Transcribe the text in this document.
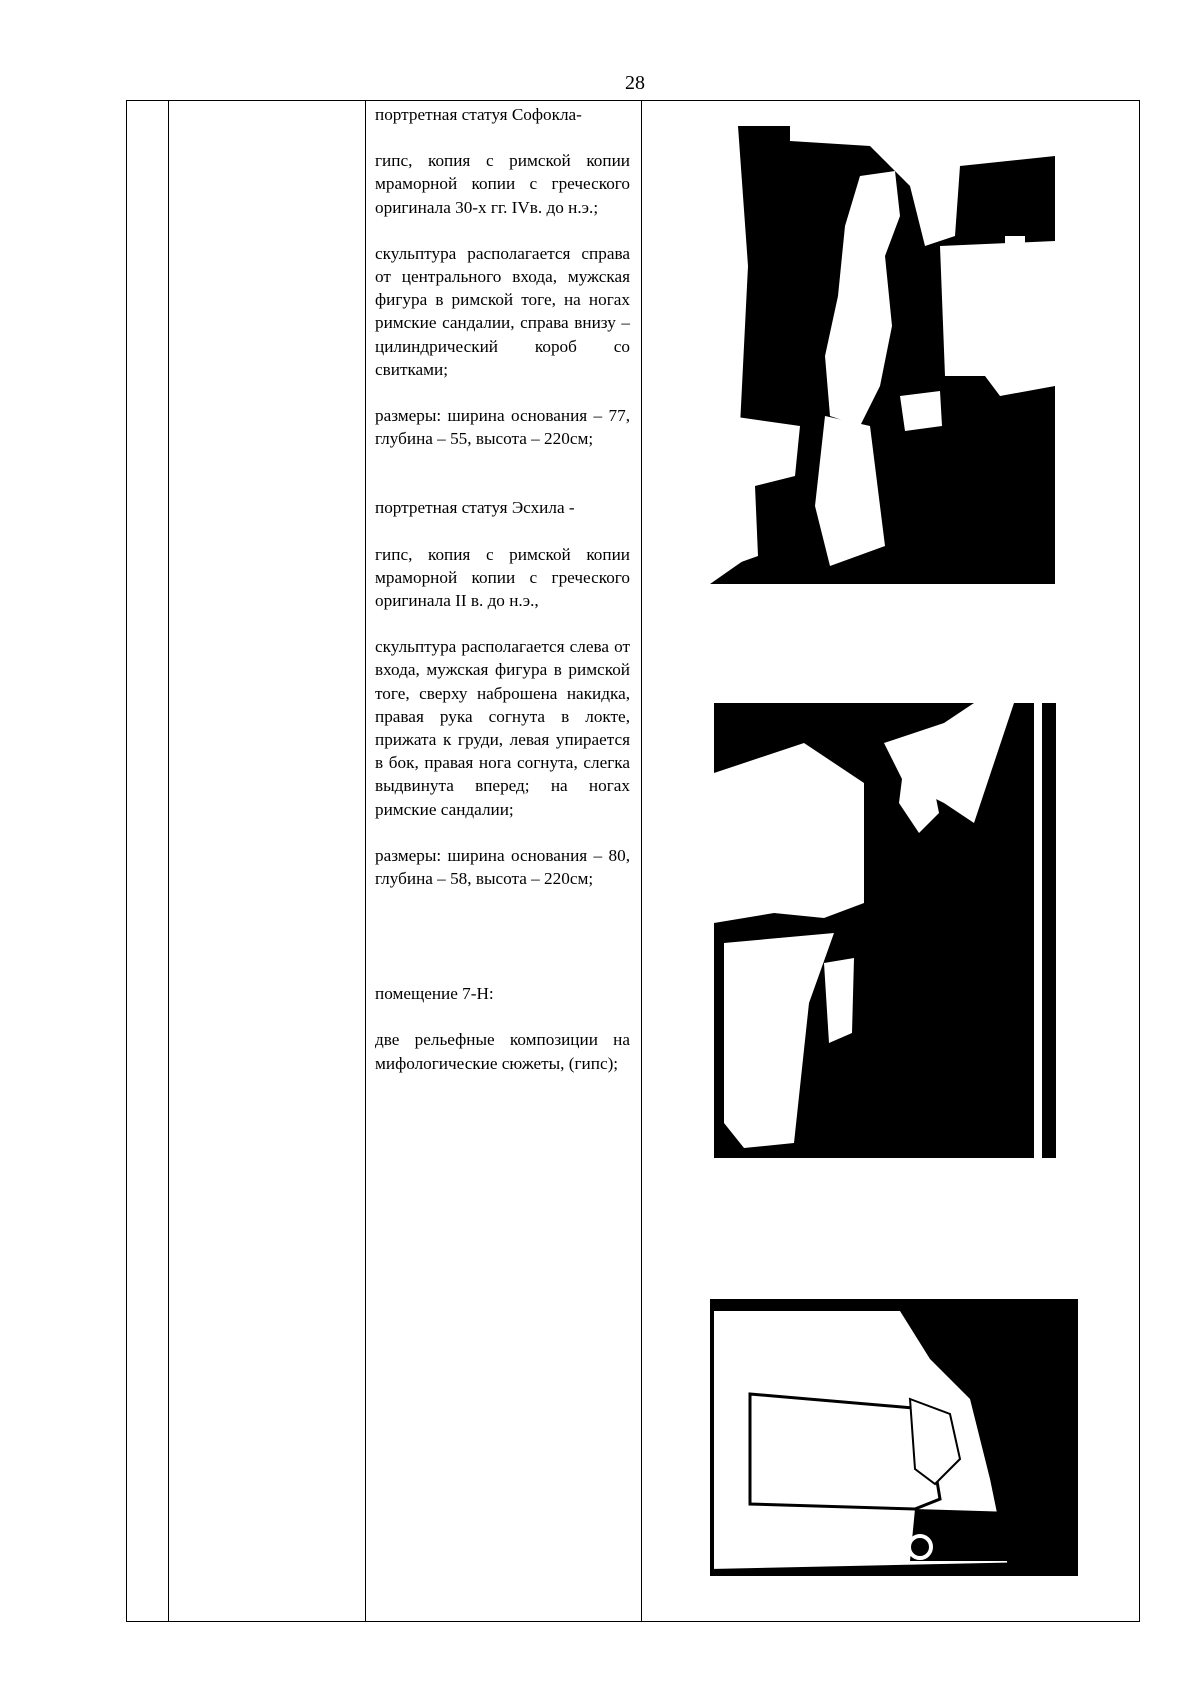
28

портретная статуя Софокла-

гипс, копия с римской копии мраморной копии с греческого оригинала 30-х гг. IVв. до н.э.;

скульптура располагается справа от центрального входа, мужская фигура в римской тоге, на ногах римские сандалии, справа внизу – цилиндрический короб со свитками;

размеры: ширина основания – 77, глубина – 55, высота – 220см;

портретная статуя Эсхила -

гипс, копия с римской копии мраморной копии с греческого оригинала II в. до н.э.,

скульптура располагается слева от входа, мужская фигура в римской тоге, сверху наброшена накидка, правая рука согнута в локте, прижата к груди, левая упирается в бок, правая нога согнута, слегка выдвинута вперед; на ногах римские сандалии;

размеры: ширина основания – 80, глубина – 58, высота – 220см;

помещение 7-Н:

две рельефные композиции на мифологические сюжеты, (гипс);
